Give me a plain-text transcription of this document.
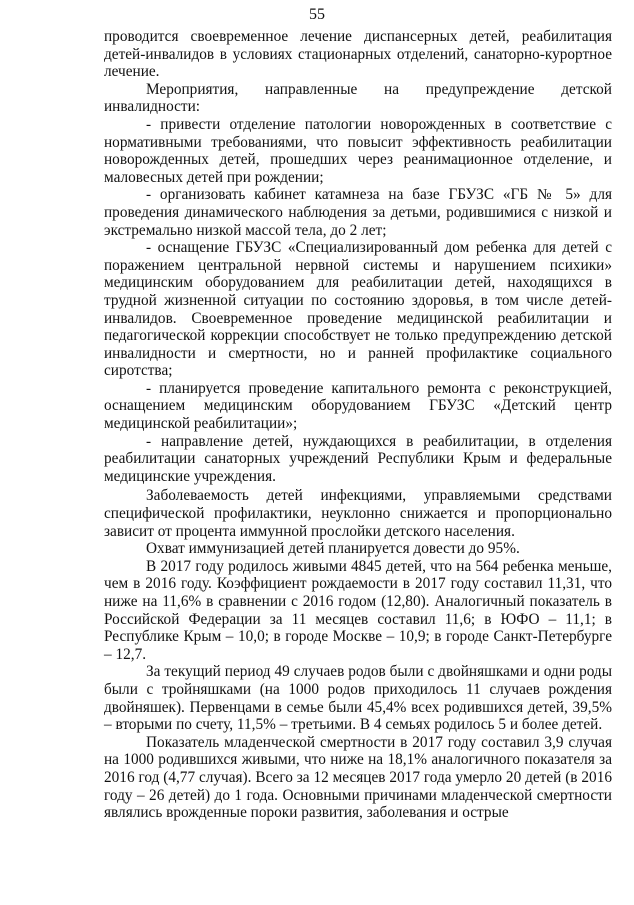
55

проводится своевременное лечение диспансерных детей, реабилитация детей-инвалидов в условиях стационарных отделений, санаторно-курортное лечение.

Мероприятия, направленные на предупреждение детской инвалидности:

- привести отделение патологии новорожденных в соответствие с нормативными требованиями, что повысит эффективность реабилитации новорожденных детей, прошедших через реанимационное отделение, и маловесных детей при рождении;

- организовать кабинет катамнеза на базе ГБУЗС «ГБ № 5» для проведения динамического наблюдения за детьми, родившимися с низкой и экстремально низкой массой тела, до 2 лет;

- оснащение ГБУЗС «Специализированный дом ребенка для детей с поражением центральной нервной системы и нарушением психики» медицинским оборудованием для реабилитации детей, находящихся в трудной жизненной ситуации по состоянию здоровья, в том числе детей-инвалидов. Своевременное проведение медицинской реабилитации и педагогической коррекции способствует не только предупреждению детской инвалидности и смертности, но и ранней профилактике социального сиротства;

- планируется проведение капитального ремонта с реконструкцией, оснащением медицинским оборудованием ГБУЗС «Детский центр медицинской реабилитации»;

- направление детей, нуждающихся в реабилитации, в отделения реабилитации санаторных учреждений Республики Крым и федеральные медицинские учреждения.

Заболеваемость детей инфекциями, управляемыми средствами специфической профилактики, неуклонно снижается и пропорционально зависит от процента иммунной прослойки детского населения.

Охват иммунизацией детей планируется довести до 95%.

В 2017 году родилось живыми 4845 детей, что на 564 ребенка меньше, чем в 2016 году. Коэффициент рождаемости в 2017 году составил 11,31, что ниже на 11,6% в сравнении с 2016 годом (12,80). Аналогичный показатель в Российской Федерации за 11 месяцев составил 11,6; в ЮФО – 11,1; в Республике Крым – 10,0; в городе Москве – 10,9; в городе Санкт-Петербурге – 12,7.

За текущий период 49 случаев родов были с двойняшками и одни роды были с тройняшками (на 1000 родов приходилось 11 случаев рождения двойняшек). Первенцами в семье были 45,4% всех родившихся детей, 39,5% – вторыми по счету, 11,5% – третьими. В 4 семьях родилось 5 и более детей.

Показатель младенческой смертности в 2017 году составил 3,9 случая на 1000 родившихся живыми, что ниже на 18,1% аналогичного показателя за 2016 год (4,77 случая). Всего за 12 месяцев 2017 года умерло 20 детей (в 2016 году – 26 детей) до 1 года. Основными причинами младенческой смертности являлись врожденные пороки развития, заболевания и острые
